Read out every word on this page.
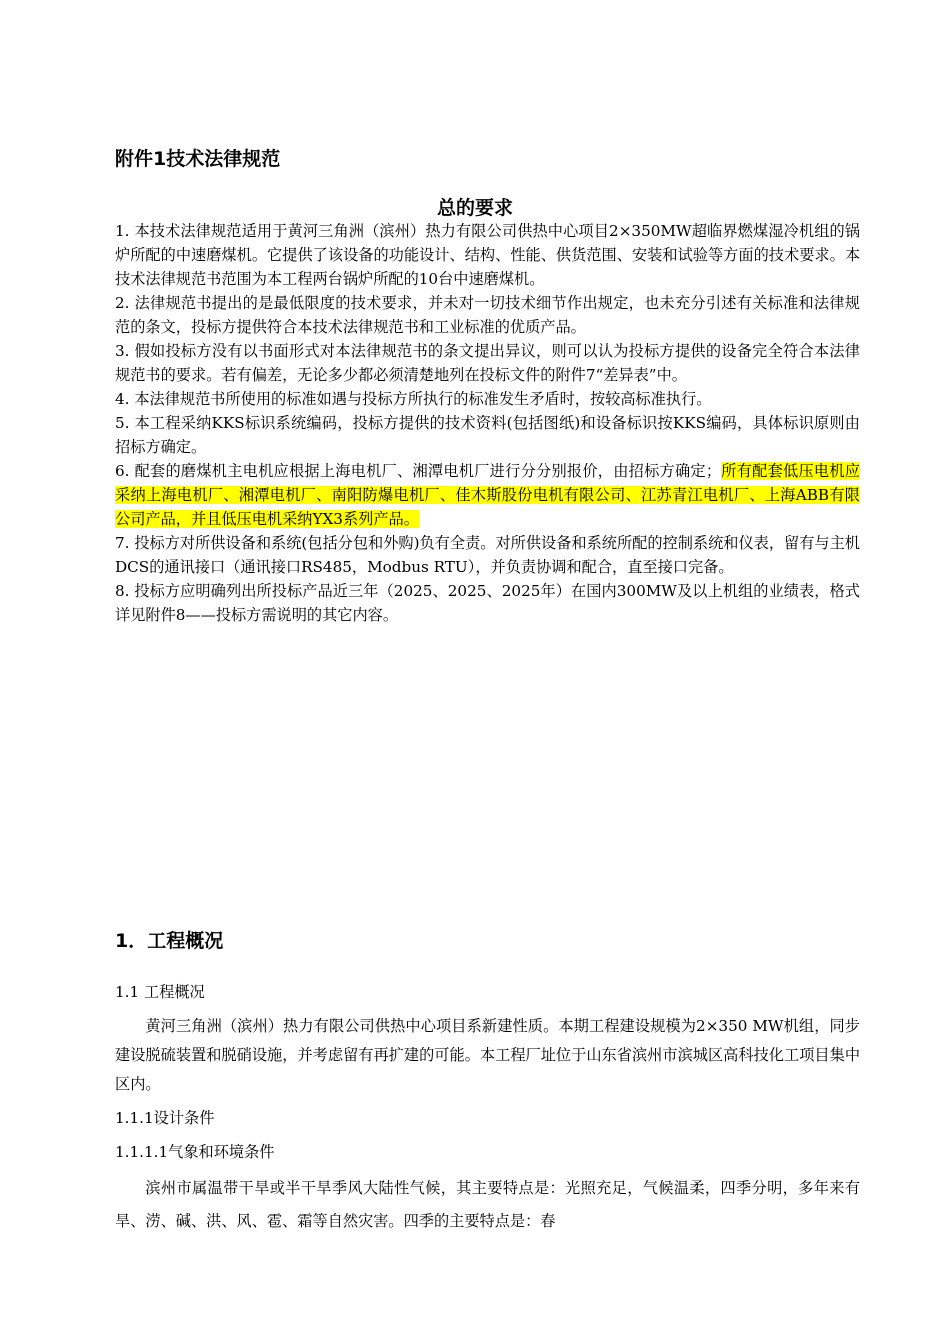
附件1技术法律规范
总的要求

1. 本技术法律规范适用于黄河三角洲（滨州）热力有限公司供热中心项目2×350MW超临界燃煤湿冷机组的锅炉所配的中速磨煤机。它提供了该设备的功能设计、结构、性能、供货范围、安装和试验等方面的技术要求。本技术法律规范书范围为本工程两台锅炉所配的10台中速磨煤机。

2. 法律规范书提出的是最低限度的技术要求，并未对一切技术细节作出规定，也未充分引述有关标准和法律规范的条文，投标方提供符合本技术法律规范书和工业标准的优质产品。

3. 假如投标方没有以书面形式对本法律规范书的条文提出异议，则可以认为投标方提供的设备完全符合本法律规范书的要求。若有偏差，无论多少都必须清楚地列在投标文件的附件7“差异表”中。

4. 本法律规范书所使用的标准如遇与投标方所执行的标准发生矛盾时，按较高标准执行。

5. 本工程采纳KKS标识系统编码，投标方提供的技术资料(包括图纸)和设备标识按KKS编码，具体标识原则由招标方确定。

6. 配套的磨煤机主电机应根据上海电机厂、湘潭电机厂进行分分别报价，由招标方确定；所有配套低压电机应采纳上海电机厂、湘潭电机厂、南阳防爆电机厂、佳木斯股份电机有限公司、江苏青江电机厂、上海ABB有限公司产品，并且低压电机采纳YX3系列产品。

7. 投标方对所供设备和系统(包括分包和外购)负有全责。对所供设备和系统所配的控制系统和仪表，留有与主机DCS的通讯接口（通讯接口RS485，Modbus RTU），并负责协调和配合，直至接口完备。

8. 投标方应明确列出所投标产品近三年（2025、2025、2025年）在国内300MW及以上机组的业绩表，格式详见附件8——投标方需说明的其它内容。

1．工程概况
1.1 工程概况

黄河三角洲（滨州）热力有限公司供热中心项目系新建性质。本期工程建设规模为2×350 MW机组，同步建设脱硫装置和脱硝设施，并考虑留有再扩建的可能。本工程厂址位于山东省滨州市滨城区高科技化工项目集中区内。

1.1.1设计条件
1.1.1.1气象和环境条件

滨州市属温带干旱或半干旱季风大陆性气候，其主要特点是：光照充足，气候温柔，四季分明，多年来有旱、涝、碱、洪、风、雹、霜等自然灾害。四季的主要特点是：春
